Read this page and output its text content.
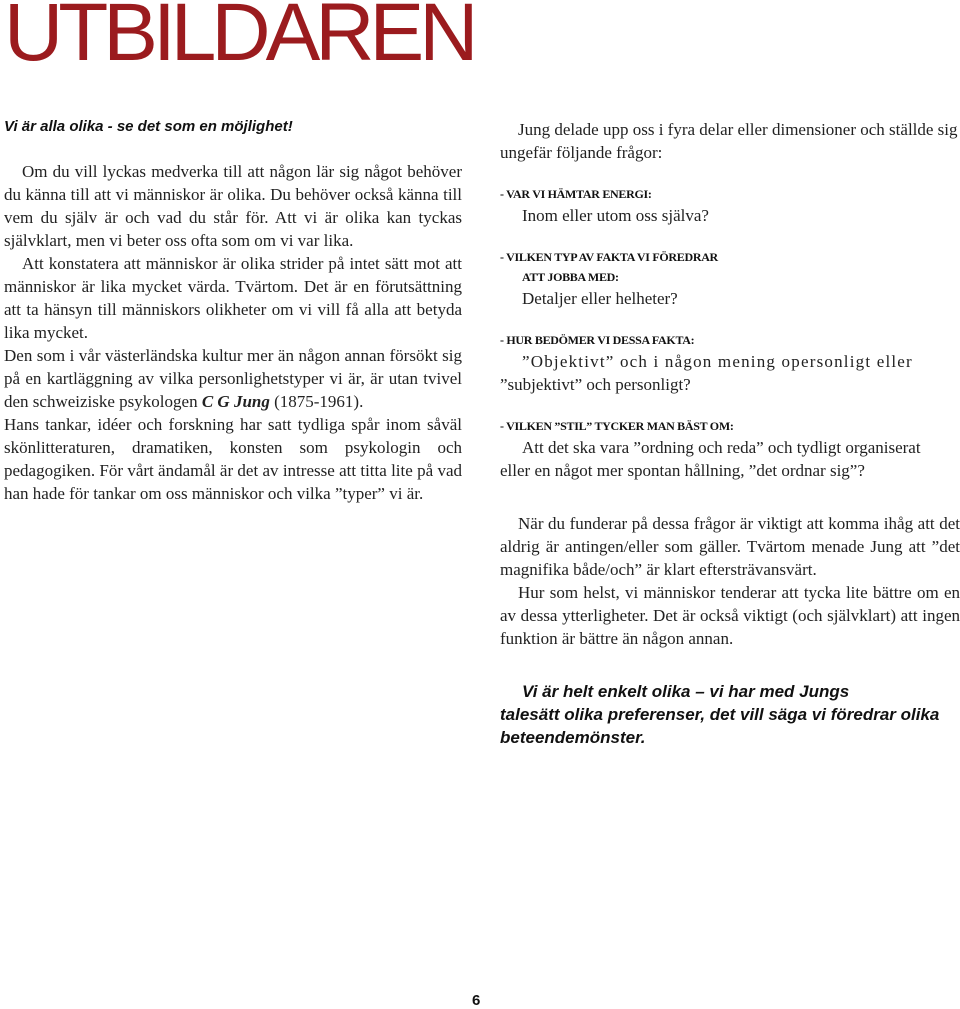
UTBILDAREN

Vi är alla olika - se det som en möjlighet!

Om du vill lyckas medverka till att någon lär sig något behöver du känna till att vi människor är olika. Du behöver också känna till vem du själv är och vad du står för. Att vi är olika kan tyckas självklart, men vi beter oss ofta som om vi var lika.

Att konstatera att människor är olika strider på intet sätt mot att människor är lika mycket värda. Tvärtom. Det är en förutsättning att ta hänsyn till människors olikheter om vi vill få alla att betyda lika mycket.

Den som i vår västerländska kultur mer än någon annan försökt sig på en kartläggning av vilka personlighetstyper vi är, är utan tvivel den schweiziske psykologen C G Jung (1875-1961).

Hans tankar, idéer och forskning har satt tydliga spår inom såväl skönlitteraturen, dramatiken, konsten som psykologin och pedagogiken. För vårt ändamål är det av intresse att titta lite på vad han hade för tankar om oss människor och vilka ”typer” vi är.

Jung delade upp oss i fyra delar eller dimensioner och ställde sig ungefär följande frågor:

- VAR VI HÄMTAR ENERGI:

Inom eller utom oss själva?

- VILKEN TYP AV FAKTA VI FÖREDRAR

ATT JOBBA MED:

Detaljer eller helheter?

- HUR BEDÖMER VI DESSA FAKTA:

”Objektivt” och i någon mening opersonligt eller

”subjektivt” och personligt?

- VILKEN ”STIL” TYCKER MAN BÄST OM:

Att det ska vara ”ordning och reda” och tydligt organiserat

eller en något mer spontan hållning, ”det ordnar sig”?

När du funderar på dessa frågor är viktigt att komma ihåg att det aldrig är antingen/eller som gäller. Tvärtom menade Jung att ”det magnifika både/och” är klart eftersträvansvärt.

Hur som helst, vi människor tenderar att tycka lite bättre om en av dessa ytterligheter. Det är också viktigt (och självklart) att ingen funktion är bättre än någon annan.

Vi är helt enkelt olika – vi har med Jungs
talesätt olika preferenser, det vill säga vi föredrar olika beteendemönster.

6
